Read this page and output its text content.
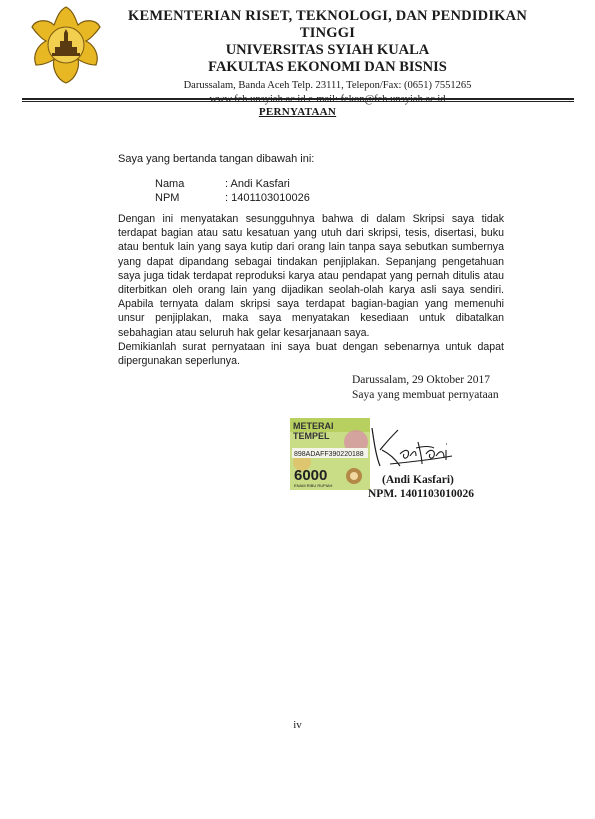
KEMENTERIAN RISET, TEKNOLOGI, DAN PENDIDIKAN TINGGI
UNIVERSITAS SYIAH KUALA
FAKULTAS EKONOMI DAN BISNIS
Darussalam, Banda Aceh Telp. 23111, Telepon/Fax: (0651) 7551265
PERNYATAAN
Saya yang bertanda tangan dibawah ini:
Nama	: Andi Kasfari
NPM	: 1401103010026

Dengan ini menyatakan sesungguhnya bahwa di dalam Skripsi saya tidak terdapat bagian atau satu kesatuan yang utuh dari skripsi, tesis, disertasi, buku atau bentuk lain yang saya kutip dari orang lain tanpa saya sebutkan sumbernya yang dapat dipandang sebagai tindakan penjiplakan. Sepanjang pengetahuan saya juga tidak terdapat reproduksi karya atau pendapat yang pernah ditulis atau diterbitkan oleh orang lain yang dijadikan seolah-olah karya asli saya sendiri. Apabila ternyata dalam skripsi saya terdapat bagian-bagian yang memenuhi unsur penjiplakan, maka saya menyatakan kesediaan untuk dibatalkan sebahagian atau seluruh hak gelar kesarjanaan saya.

Demikianlah surat pernyataan ini saya buat dengan sebenarnya untuk dapat dipergunakan seperlunya.

Darussalam, 29 Oktober 2017
Saya yang membuat pernyataan
METERAI
TEMPEL
898ADAFF390220188
6000
ENAM RIBU RUPIAH	(Andi Kasfari)
NPM. 1401103010026
iv
